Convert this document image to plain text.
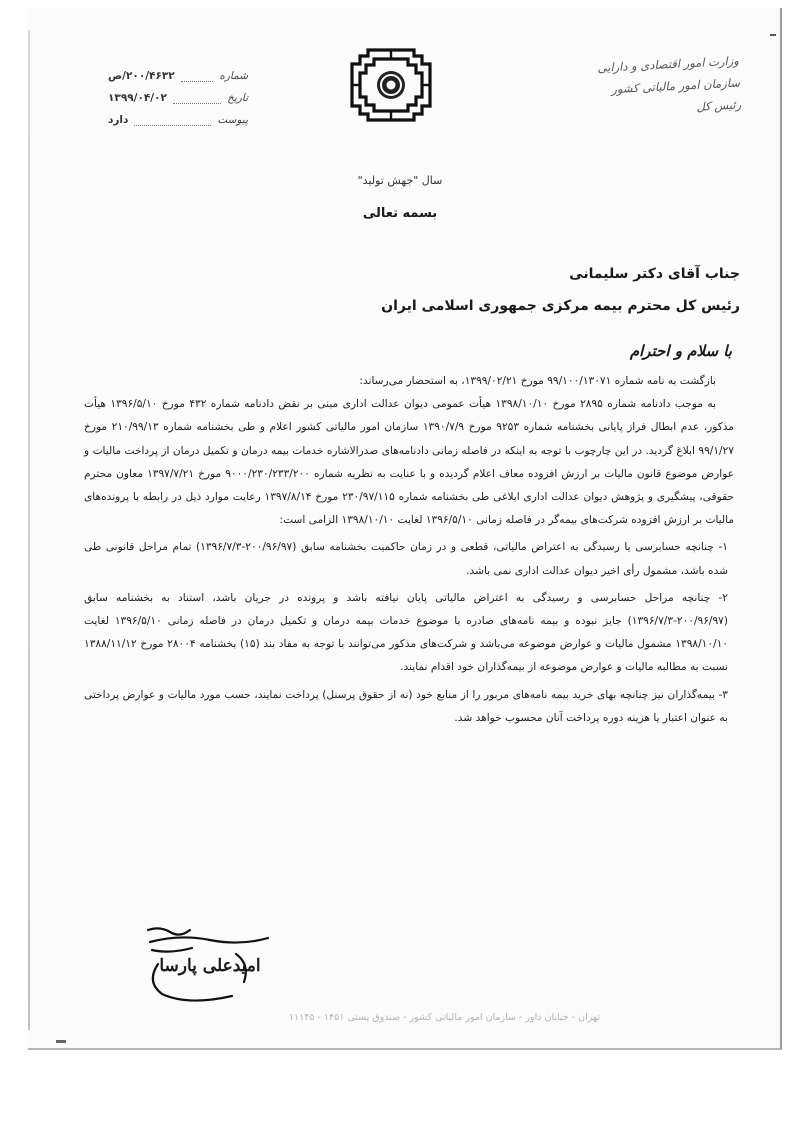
وزارت امور اقتصادی و دارایی
سازمان امور مالیاتی کشور
رئیس کل
شماره
۲۰۰/۴۶۳۲/ص
تاریخ
۱۳۹۹/۰۴/۰۲
پیوست
دارد
سال "جهش تولید"
بسمه تعالی
جناب آقای دکتر سلیمانی
رئیس کل محترم بیمه مرکزی جمهوری اسلامی ایران
با سلام و احترام

بازگشت به نامه شماره ۹۹/۱۰۰/۱۳۰۷۱ مورخ ۱۳۹۹/۰۲/۲۱، به استحضار می‌رساند:

به موجب دادنامه شماره ۲۸۹۵ مورخ ۱۳۹۸/۱۰/۱۰ هیأت عمومی دیوان عدالت اداری مبنی بر نقض دادنامه شماره ۴۳۲ مورخ ۱۳۹۶/۵/۱۰ هیأت مذکور، عدم ابطال فراز پایانی بخشنامه شماره ۹۲۵۳ مورخ ۱۳۹۰/۷/۹ سازمان امور مالیاتی کشور اعلام و طی بخشنامه شماره ۲۱۰/۹۹/۱۳ مورخ ۹۹/۱/۲۷ ابلاغ گردید. در این چارچوب با توجه به اینکه در فاصله زمانی دادنامه‌های صدرالاشاره خدمات بیمه درمان و تکمیل درمان از پرداخت مالیات و عوارض موضوع قانون مالیات بر ارزش افزوده معاف اعلام گردیده و با عنایت به نظریه شماره ۹۰۰۰/۲۳۰/۲۳۳/۲۰۰ مورخ ۱۳۹۷/۷/۲۱ معاون محترم حقوقی، پیشگیری و پژوهش دیوان عدالت اداری ابلاغی طی بخشنامه شماره ۲۳۰/۹۷/۱۱۵ مورخ ۱۳۹۷/۸/۱۴ رعایت موارد ذیل در رابطه با پرونده‌های مالیات بر ارزش افزوده شرکت‌های بیمه‌گر در فاصله زمانی ۱۳۹۶/۵/۱۰ لغایت ۱۳۹۸/۱۰/۱۰ الزامی است:

۱- چنانچه حسابرسی یا رسیدگی به اعتراض مالیاتی، قطعی و در زمان حاکمیت بخشنامه سابق (۲۰۰/۹۶/۹۷-۱۳۹۶/۷/۳) تمام مراحل قانونی طی شده باشد، مشمول رأی اخیر دیوان عدالت اداری نمی باشد.

۲- چنانچه مراحل حسابرسی و رسیدگی به اعتراض مالیاتی پایان نیافته باشد و پرونده در جریان باشد، استناد به بخشنامه سابق (۲۰۰/۹۶/۹۷-۱۳۹۶/۷/۳) جایز نبوده و بیمه نامه‌های صادره با موضوع خدمات بیمه درمان و تکمیل درمان در فاصله زمانی ۱۳۹۶/۵/۱۰ لغایت ۱۳۹۸/۱۰/۱۰ مشمول مالیات و عوارض موضوعه می‌باشد و شرکت‌های مذکور می‌توانند با توجه به مفاد بند (۱۵) بخشنامه ۲۸۰۰۴ مورخ ۱۳۸۸/۱۱/۱۲ نسبت به مطالبه مالیات و عوارض موضوعه از بیمه‌گذاران خود اقدام نمایند.

۳- بیمه‌گذاران نیز چنانچه بهای خرید بیمه نامه‌های مربور را از منابع خود (نه از حقوق پرسنل) پرداخت نمایند، حسب مورد مالیات و عوارض پرداختی به عنوان اعتبار یا هزینه دوره پرداخت آنان محسوب خواهد شد.

امیدعلی پارسا
تهران - خیابان داور - سازمان امور مالیاتی کشور - صندوق پستی ۱۴۵۱ - ۱۱۱۴۵
